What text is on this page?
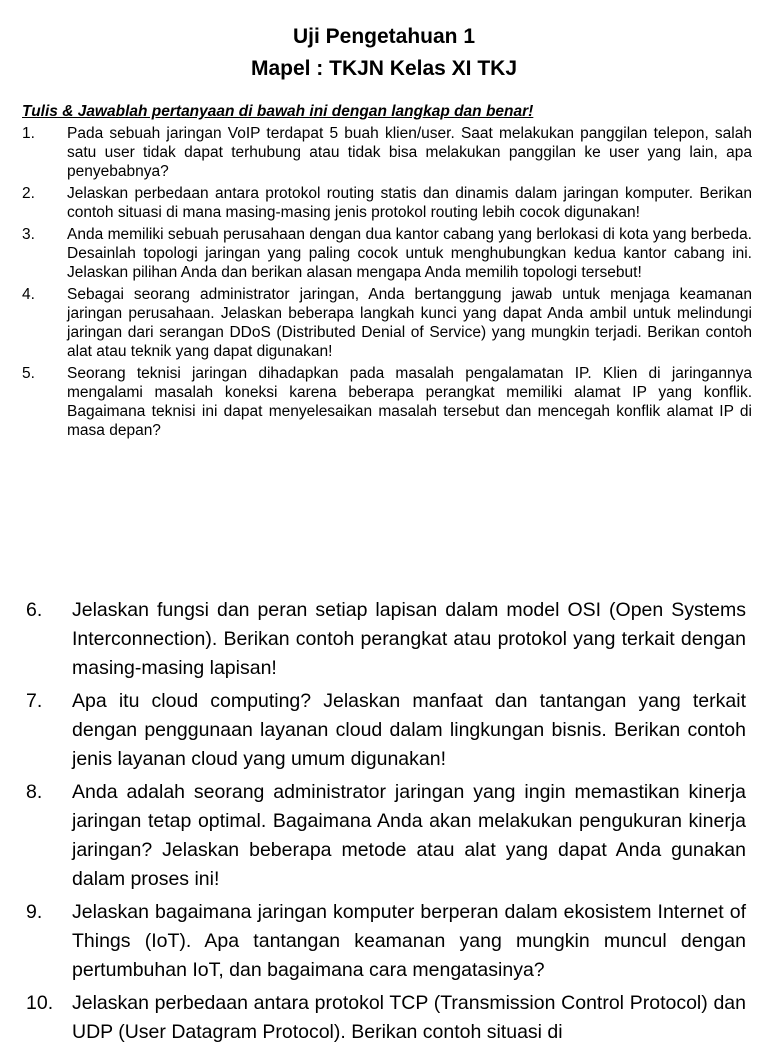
Uji Pengetahuan 1
Mapel : TKJN Kelas XI TKJ
Tulis & Jawablah pertanyaan di bawah ini dengan langkap dan benar!
1.	Pada sebuah jaringan VoIP terdapat 5 buah klien/user. Saat melakukan panggilan telepon, salah satu user tidak dapat terhubung atau tidak bisa melakukan panggilan ke user yang lain, apa penyebabnya?
2.	Jelaskan perbedaan antara protokol routing statis dan dinamis dalam jaringan komputer. Berikan contoh situasi di mana masing-masing jenis protokol routing lebih cocok digunakan!
3.	Anda memiliki sebuah perusahaan dengan dua kantor cabang yang berlokasi di kota yang berbeda. Desainlah topologi jaringan yang paling cocok untuk menghubungkan kedua kantor cabang ini. Jelaskan pilihan Anda dan berikan alasan mengapa Anda memilih topologi tersebut!
4.	Sebagai seorang administrator jaringan, Anda bertanggung jawab untuk menjaga keamanan jaringan perusahaan. Jelaskan beberapa langkah kunci yang dapat Anda ambil untuk melindungi jaringan dari serangan DDoS (Distributed Denial of Service) yang mungkin terjadi. Berikan contoh alat atau teknik yang dapat digunakan!
5.	Seorang teknisi jaringan dihadapkan pada masalah pengalamatan IP. Klien di jaringannya mengalami masalah koneksi karena beberapa perangkat memiliki alamat IP yang konflik. Bagaimana teknisi ini dapat menyelesaikan masalah tersebut dan mencegah konflik alamat IP di masa depan?
6.	Jelaskan fungsi dan peran setiap lapisan dalam model OSI (Open Systems Interconnection). Berikan contoh perangkat atau protokol yang terkait dengan masing-masing lapisan!
7.	Apa itu cloud computing? Jelaskan manfaat dan tantangan yang terkait dengan penggunaan layanan cloud dalam lingkungan bisnis. Berikan contoh jenis layanan cloud yang umum digunakan!
8.	Anda adalah seorang administrator jaringan yang ingin memastikan kinerja jaringan tetap optimal. Bagaimana Anda akan melakukan pengukuran kinerja jaringan? Jelaskan beberapa metode atau alat yang dapat Anda gunakan dalam proses ini!
9.	Jelaskan bagaimana jaringan komputer berperan dalam ekosistem Internet of Things (IoT). Apa tantangan keamanan yang mungkin muncul dengan pertumbuhan IoT, dan bagaimana cara mengatasinya?
10. Jelaskan perbedaan antara protokol TCP (Transmission Control Protocol) dan UDP (User Datagram Protocol). Berikan contoh situasi di
